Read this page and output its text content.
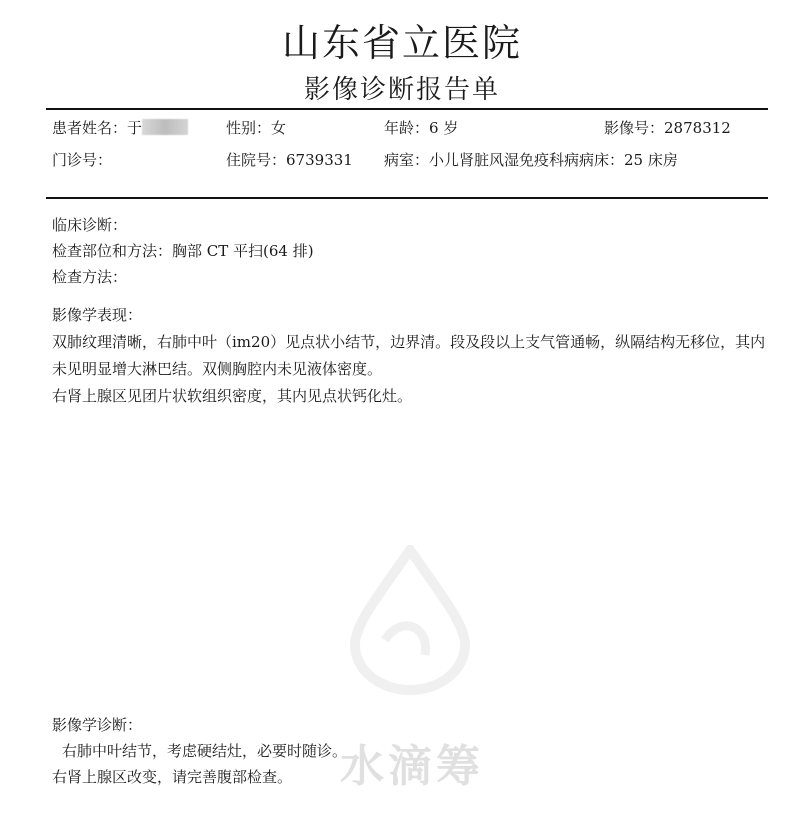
山东省立医院
影像诊断报告单
患者姓名：于	性别：女	年龄：6 岁	影像号：2878312
门诊号：	住院号：6739331 病室：小儿肾脏风湿免疫科病病床：25 床房

临床诊断：

检查部位和方法：胸部 CT 平扫(64 排)

检查方法：

影像学表现：

双肺纹理清晰，右肺中叶（im20）见点状小结节，边界清。段及段以上支气管通畅，纵隔结构无移位，其内未见明显增大淋巴结。双侧胸腔内未见液体密度。

右肾上腺区见团片状软组织密度，其内见点状钙化灶。

水滴筹

影像学诊断：

右肺中叶结节，考虑硬结灶，必要时随诊。

右肾上腺区改变，请完善腹部检查。
